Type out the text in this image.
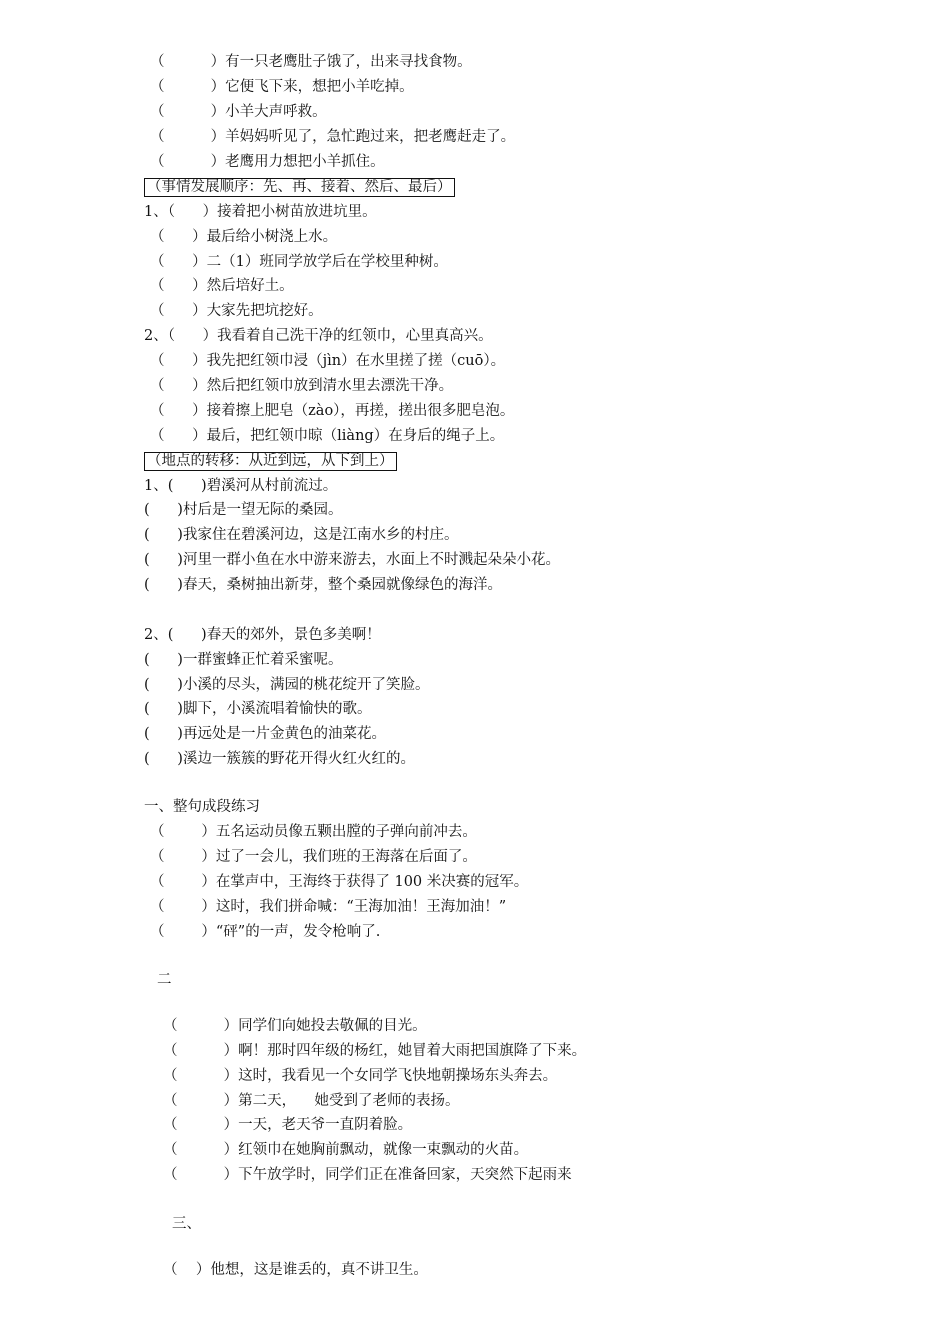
（          ）有一只老鹰肚子饿了，出来寻找食物。
（          ）它便飞下来，想把小羊吃掉。
（          ）小羊大声呼救。
（          ）羊妈妈听见了，急忙跑过来，把老鹰赶走了。
（          ）老鹰用力想把小羊抓住。
（事情发展顺序：先、再、接着、然后、最后）
1、（      ）接着把小树苗放进坑里。
（      ）最后给小树浇上水。
（      ）二（1）班同学放学后在学校里种树。
（      ）然后培好土。
（      ）大家先把坑挖好。
2、（      ）我看着自己洗干净的红领巾，心里真高兴。
（      ）我先把红领巾浸（jìn）在水里搓了搓（cuō）。
（      ）然后把红领巾放到清水里去漂洗干净。
（      ）接着擦上肥皂（zào），再搓，搓出很多肥皂泡。
（      ）最后，把红领巾晾（liàng）在身后的绳子上。
（地点的转移：从近到远，从下到上）
1、(      )碧溪河从村前流过。
(      )村后是一望无际的桑园。
(      )我家住在碧溪河边，这是江南水乡的村庄。
(      )河里一群小鱼在水中游来游去，水面上不时溅起朵朵小花。
(      )春天，桑树抽出新芽，整个桑园就像绿色的海洋。
2、(      )春天的郊外，景色多美啊！
(      )一群蜜蜂正忙着采蜜呢。
(      )小溪的尽头，满园的桃花绽开了笑脸。
(      )脚下，小溪流唱着愉快的歌。
(      )再远处是一片金黄色的油菜花。
(      )溪边一簇簇的野花开得火红火红的。
一、整句成段练习
（        ）五名运动员像五颗出膛的子弹向前冲去。
（        ）过了一会儿，我们班的王海落在后面了。
（        ）在掌声中，王海终于获得了 100 米决赛的冠军。
（        ）这时，我们拼命喊：“王海加油！王海加油！”
（        ）“砰”的一声，发令枪响了.
二
（          ）同学们向她投去敬佩的目光。
（          ）啊！那时四年级的杨红，她冒着大雨把国旗降了下来。
（          ）这时，我看见一个女同学飞快地朝操场东头奔去。
（          ）第二天，    她受到了老师的表扬。
（          ）一天，老天爷一直阴着脸。
（          ）红领巾在她胸前飘动，就像一束飘动的火苗。
（          ）下午放学时，同学们正在准备回家，天突然下起雨来
三、
（    ）他想，这是谁丢的，真不讲卫生。
